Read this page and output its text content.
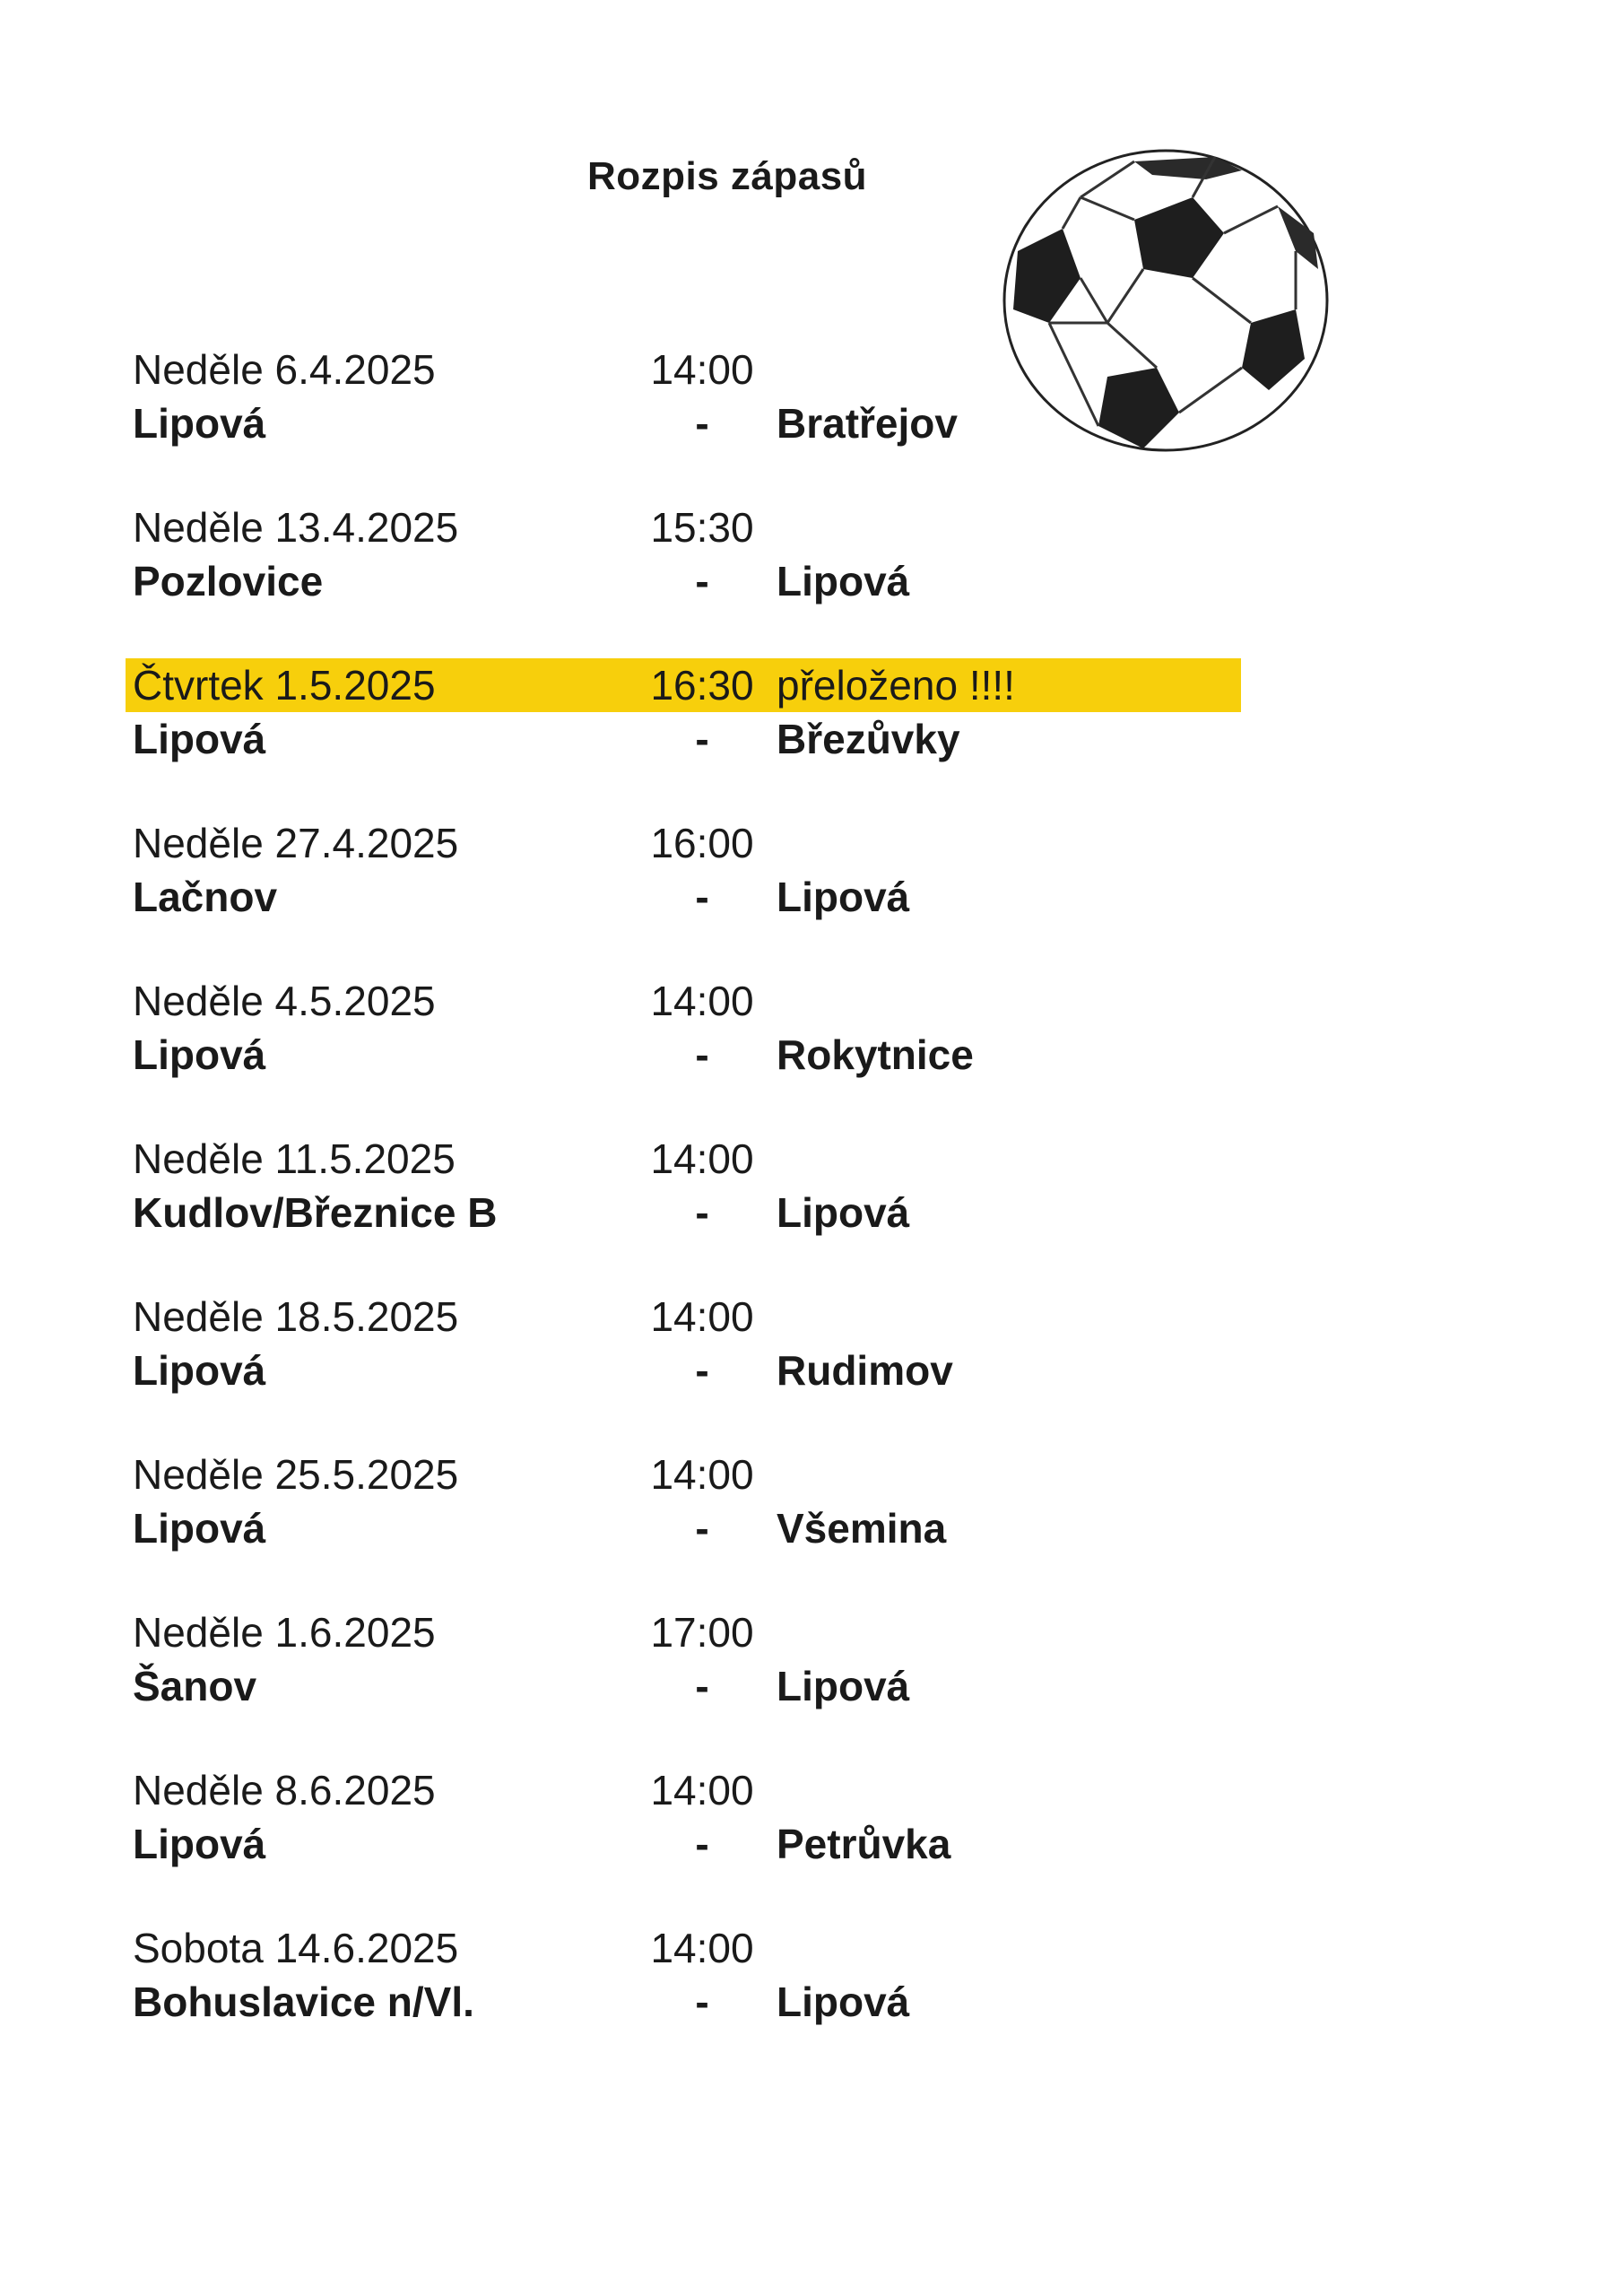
Rozpis zápasů
Neděle 6.4.2025	14:00
Lipová	-	Bratřejov
Neděle 13.4.2025	15:30
Pozlovice	-	Lipová
Čtvrtek 1.5.2025	16:30 přeloženo !!!!
Lipová	-	Březůvky
Neděle 27.4.2025	16:00
Lačnov	-	Lipová
Neděle 4.5.2025	14:00
Lipová	-	Rokytnice
Neděle 11.5.2025	14:00
Kudlov/Březnice B	-	Lipová
Neděle 18.5.2025	14:00
Lipová	-	Rudimov
Neděle 25.5.2025	14:00
Lipová	-	Všemina
Neděle 1.6.2025	17:00
Šanov	-	Lipová
Neděle 8.6.2025	14:00
Lipová	-	Petrůvka
Sobota 14.6.2025	14:00
Bohuslavice n/Vl.	-	Lipová
